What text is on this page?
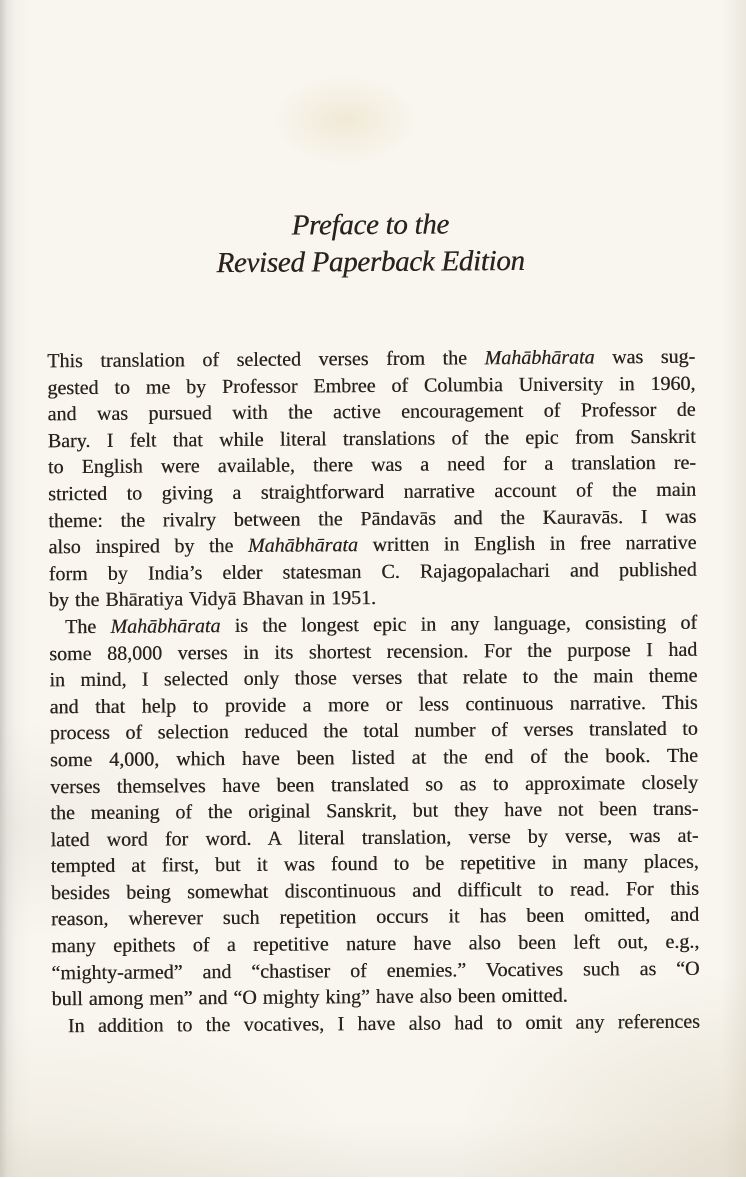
Preface to the
Revised Paperback Edition
This translation of selected verses from the Mahābhārata was sug-
gested to me by Professor Embree of Columbia University in 1960,
and was pursued with the active encouragement of Professor de
Bary. I felt that while literal translations of the epic from Sanskrit
to English were available, there was a need for a translation re-
stricted to giving a straightforward narrative account of the main
theme: the rivalry between the Pāndavās and the Kauravās. I was
also inspired by the Mahābhārata written in English in free narrative
form by India’s elder statesman C. Rajagopalachari and published
by the Bhāratiya Vidyā Bhavan in 1951.
The Mahābhārata is the longest epic in any language, consisting of
some 88,000 verses in its shortest recension. For the purpose I had
in mind, I selected only those verses that relate to the main theme
and that help to provide a more or less continuous narrative. This
process of selection reduced the total number of verses translated to
some 4,000, which have been listed at the end of the book. The
verses themselves have been translated so as to approximate closely
the meaning of the original Sanskrit, but they have not been trans-
lated word for word. A literal translation, verse by verse, was at-
tempted at first, but it was found to be repetitive in many places,
besides being somewhat discontinuous and difficult to read. For this
reason, wherever such repetition occurs it has been omitted, and
many epithets of a repetitive nature have also been left out, e.g.,
“mighty-armed” and “chastiser of enemies.” Vocatives such as “O
bull among men” and “O mighty king” have also been omitted.
In addition to the vocatives, I have also had to omit any references
